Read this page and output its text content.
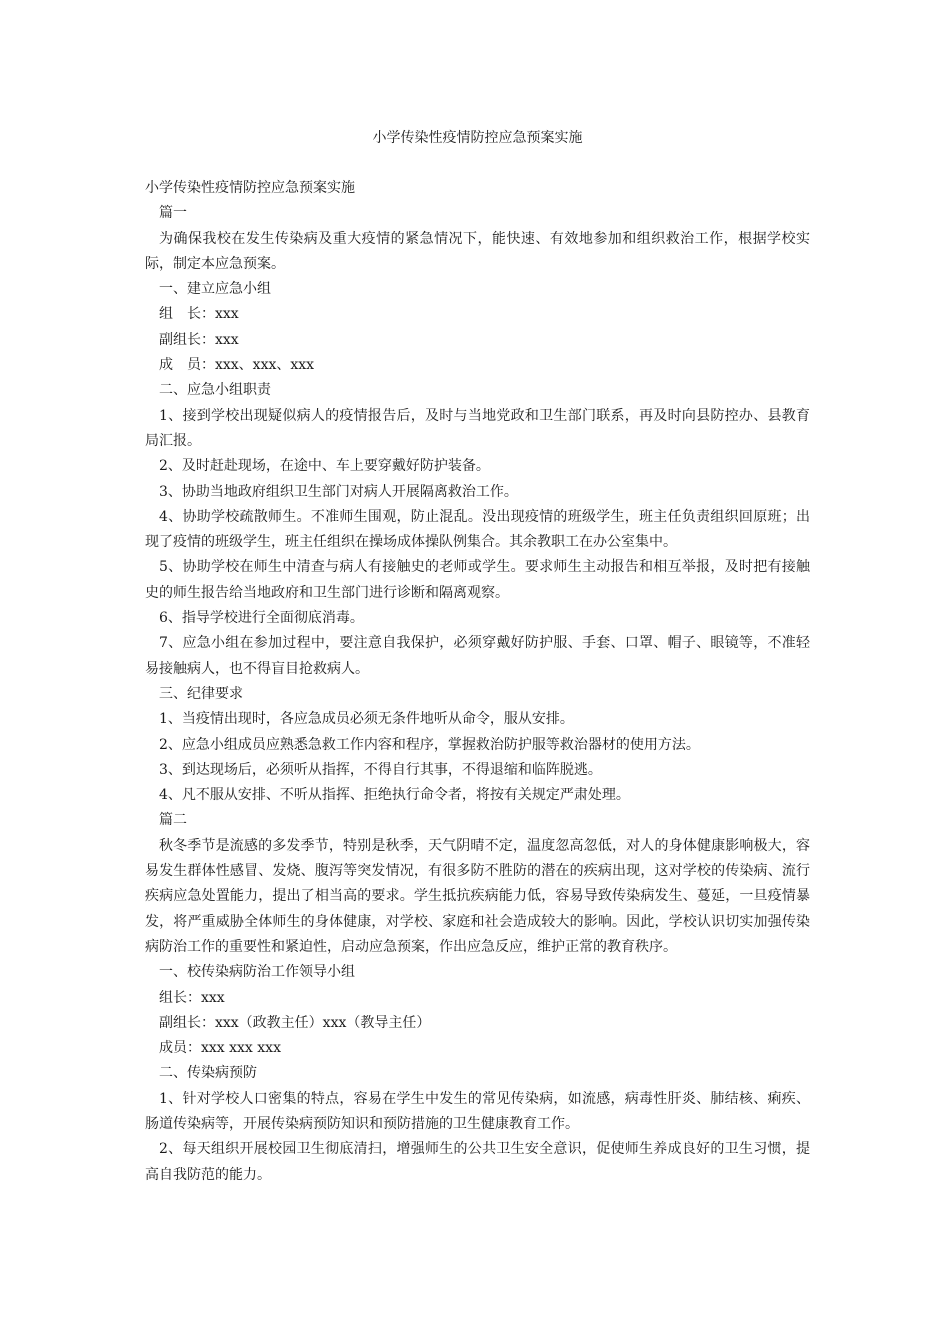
小学传染性疫情防控应急预案实施

小学传染性疫情防控应急预案实施

篇一

为确保我校在发生传染病及重大疫情的紧急情况下，能快速、有效地参加和组织救治工作，根据学校实际，制定本应急预案。

一、建立应急小组

组　长：xxx

副组长：xxx

成　员：xxx、xxx、xxx

二、应急小组职责

1、接到学校出现疑似病人的疫情报告后，及时与当地党政和卫生部门联系，再及时向县防控办、县教育局汇报。

2、及时赶赴现场，在途中、车上要穿戴好防护装备。

3、协助当地政府组织卫生部门对病人开展隔离救治工作。

4、协助学校疏散师生。不准师生围观，防止混乱。没出现疫情的班级学生，班主任负责组织回原班；出现了疫情的班级学生，班主任组织在操场成体操队例集合。其余教职工在办公室集中。

5、协助学校在师生中清查与病人有接触史的老师或学生。要求师生主动报告和相互举报，及时把有接触史的师生报告给当地政府和卫生部门进行诊断和隔离观察。

6、指导学校进行全面彻底消毒。

7、应急小组在参加过程中，要注意自我保护，必须穿戴好防护服、手套、口罩、帽子、眼镜等，不准轻易接触病人，也不得盲目抢救病人。

三、纪律要求

1、当疫情出现时，各应急成员必须无条件地听从命令，服从安排。

2、应急小组成员应熟悉急救工作内容和程序，掌握救治防护服等救治器材的使用方法。

3、到达现场后，必须听从指挥，不得自行其事，不得退缩和临阵脱逃。

4、凡不服从安排、不听从指挥、拒绝执行命令者，将按有关规定严肃处理。

篇二

秋冬季节是流感的多发季节，特别是秋季，天气阴晴不定，温度忽高忽低，对人的身体健康影响极大，容易发生群体性感冒、发烧、腹泻等突发情况，有很多防不胜防的潜在的疾病出现，这对学校的传染病、流行疾病应急处置能力，提出了相当高的要求。学生抵抗疾病能力低，容易导致传染病发生、蔓延，一旦疫情暴发，将严重威胁全体师生的身体健康，对学校、家庭和社会造成较大的影响。因此，学校认识切实加强传染病防治工作的重要性和紧迫性，启动应急预案，作出应急反应，维护正常的教育秩序。

一、校传染病防治工作领导小组

组长：xxx

副组长：xxx（政教主任）xxx（教导主任）

成员：xxx xxx xxx

二、传染病预防

1、针对学校人口密集的特点，容易在学生中发生的常见传染病，如流感，病毒性肝炎、肺结核、痢疾、肠道传染病等，开展传染病预防知识和预防措施的卫生健康教育工作。

2、每天组织开展校园卫生彻底清扫，增强师生的公共卫生安全意识，促使师生养成良好的卫生习惯，提高自我防范的能力。
